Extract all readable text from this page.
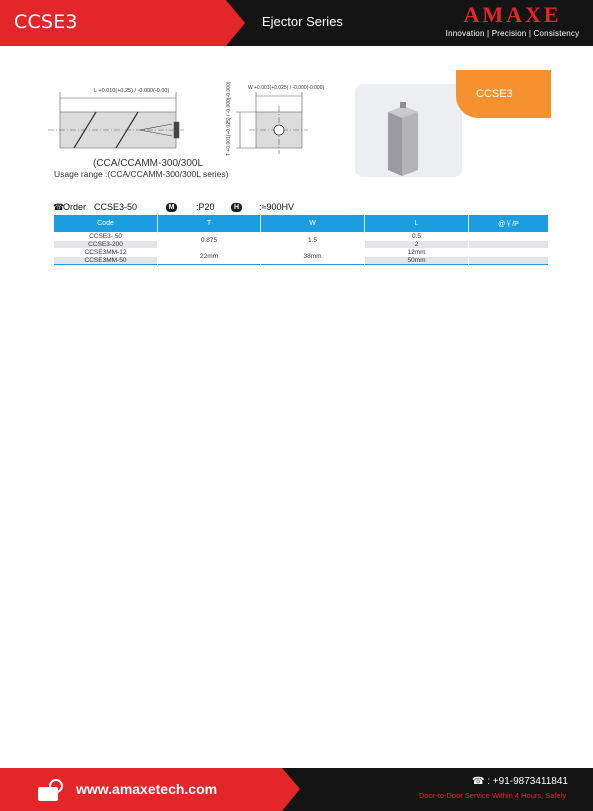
CCSE3	Ejector Series	AMAXE
Innovation | Precision | Consistency
L +0.010(+0.25) / -0.000(-0.00)	W +0.001(+0.025) / -0.000(-0.000)
T +0.001(+0.025) / -0.000(-0.000)
(CCA/CCAMM-300/300L
Usage range :(CCA/CCAMM-300/300L series)
CCSE3
☎
Order CCSE3-50	M :P20	H	:≈900HV
Code	T	W	L	@￥/P
CCSE3- 50	0.875	1.5	0.5	
CCSE3-200			2	
CCSE3MM-12	22mm	38mm	12mm	
CCSE3MM-50			50mm	
www.amaxetech.com	☎ : +91-9873411841
Door-to-Door Service Within 4 Hours, Safely
